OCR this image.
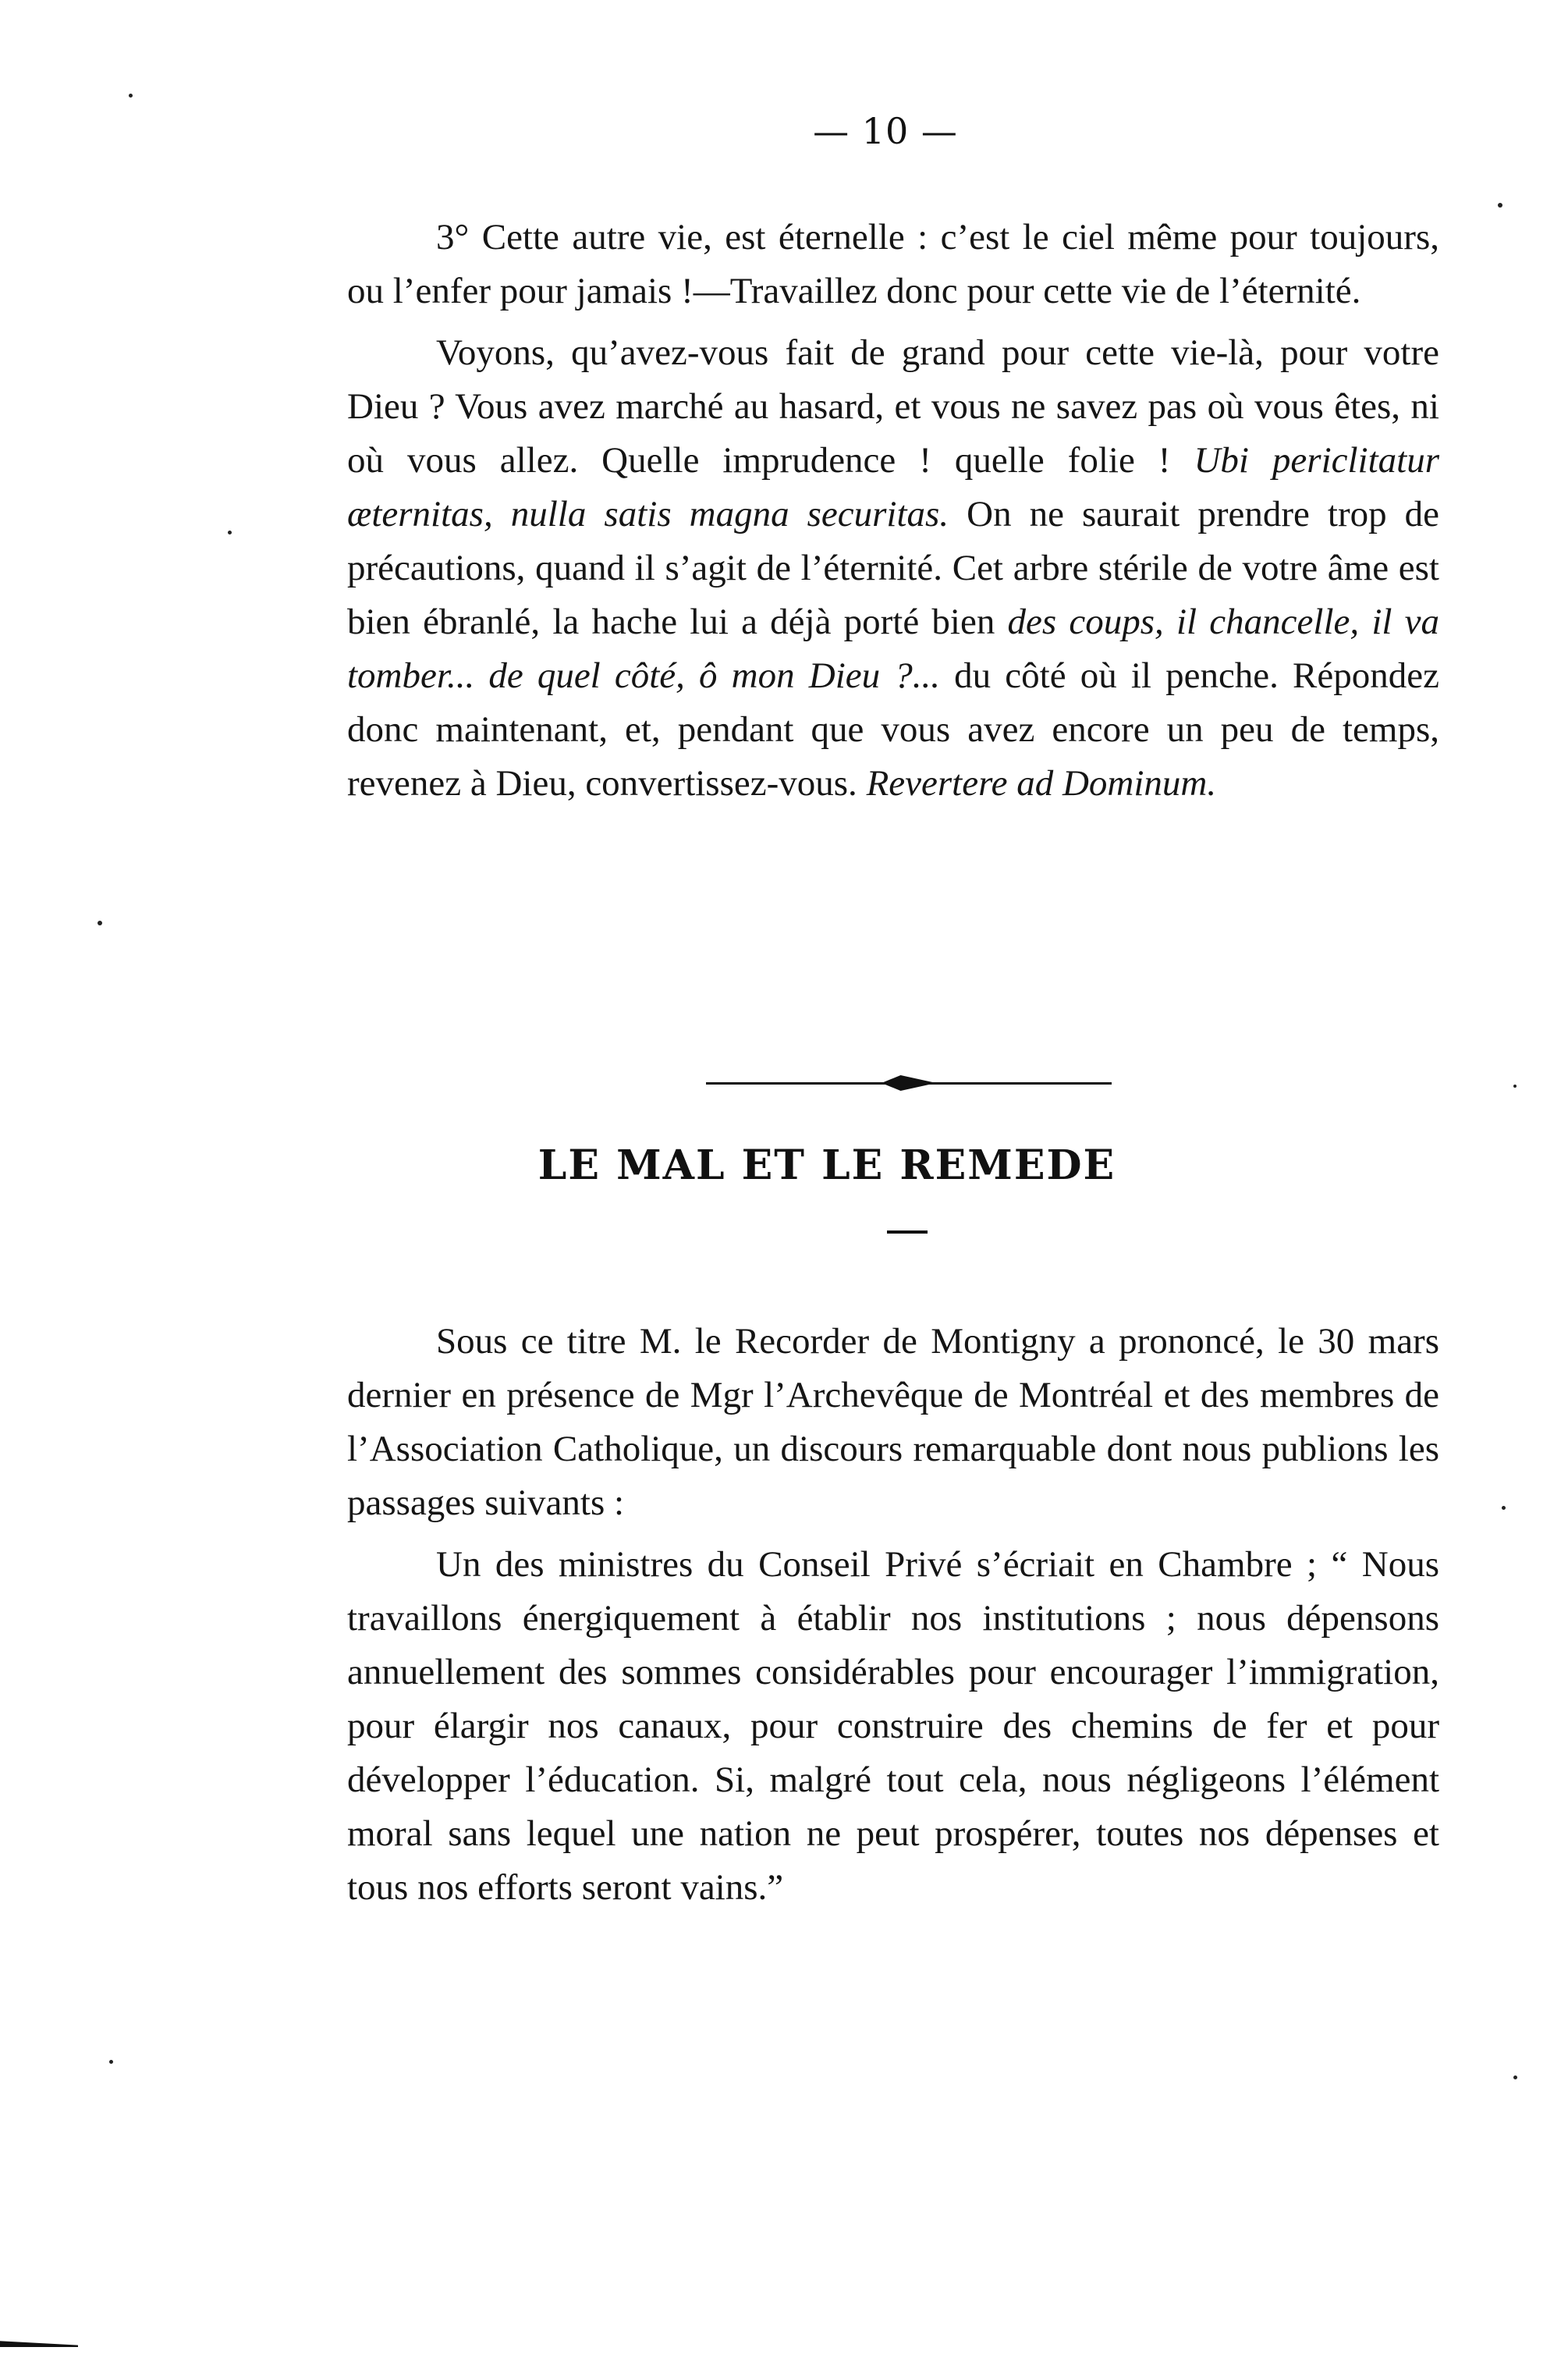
— 10 —

3° Cette autre vie, est éternelle : c’est le ciel même pour toujours, ou l’enfer pour jamais !—Travaillez donc pour cette vie de l’éternité.

Voyons, qu’avez-vous fait de grand pour cette vie-là, pour votre Dieu ? Vous avez marché au hasard, et vous ne savez pas où vous êtes, ni où vous allez. Quelle imprudence ! quelle folie ! Ubi periclitatur æternitas, nulla satis magna securitas. On ne saurait prendre trop de précautions, quand il s’agit de l’éternité. Cet arbre stérile de votre âme est bien ébranlé, la hache lui a déjà porté bien des coups, il chancelle, il va tomber... de quel côté, ô mon Dieu ?... du côté où il penche. Répondez donc maintenant, et, pendant que vous avez encore un peu de temps, revenez à Dieu, convertissez-vous. Revertere ad Dominum.

LE MAL ET LE REMEDE

Sous ce titre M. le Recorder de Montigny a prononcé, le 30 mars dernier en présence de Mgr l’Archevêque de Montréal et des membres de l’Association Catholique, un discours remarquable dont nous publions les passages suivants :

Un des ministres du Conseil Privé s’écriait en Chambre ; “ Nous travaillons énergiquement à établir nos institutions ; nous dépensons annuellement des sommes considérables pour encourager l’immigration, pour élargir nos canaux, pour construire des chemins de fer et pour développer l’éducation. Si, malgré tout cela, nous négligeons l’élément moral sans lequel une nation ne peut prospérer, toutes nos dépenses et tous nos efforts seront vains.”
